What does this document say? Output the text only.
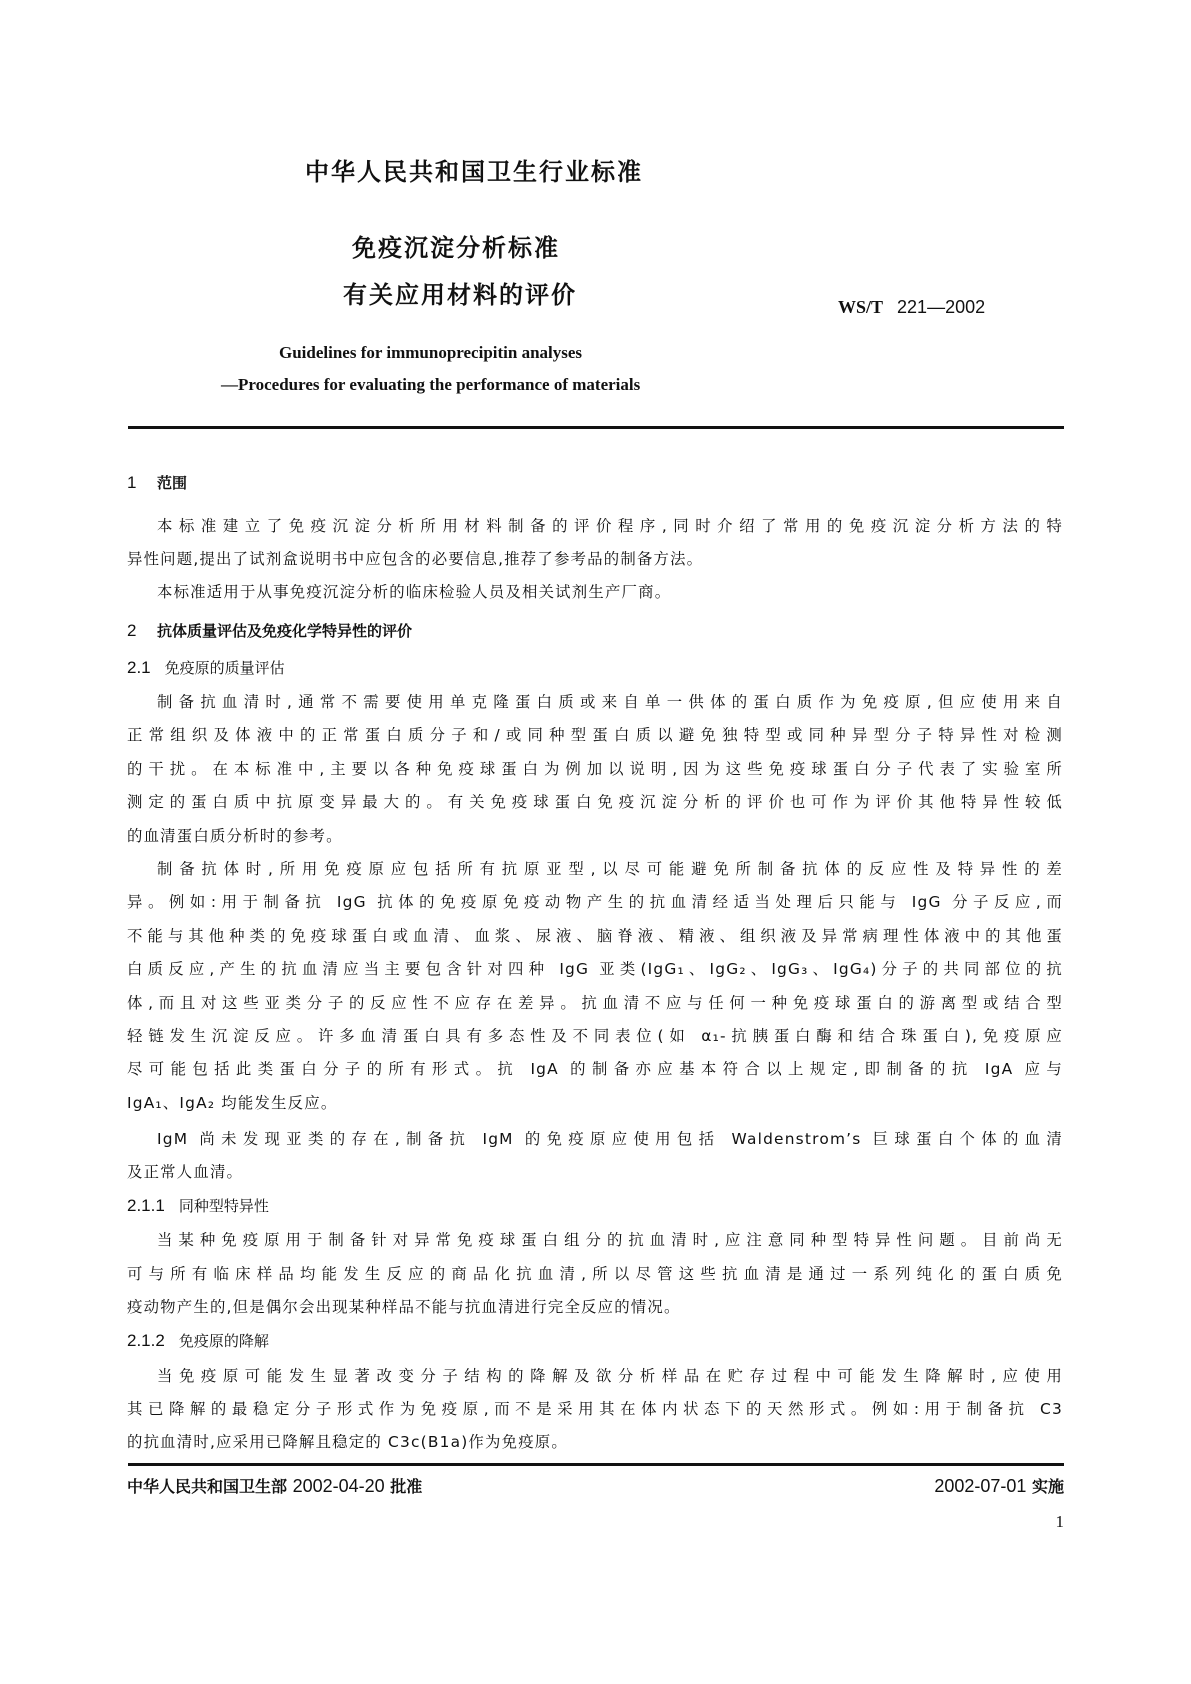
中华人民共和国卫生行业标准
免疫沉淀分析标准
有关应用材料的评价	WS/T 221—2002
Guidelines for immunoprecipitin analyses
—Procedures for evaluating the performance of materials
1 范围
本标准建立了免疫沉淀分析所用材料制备的评价程序,同时介绍了常用的免疫沉淀分析方法的特
异性问题,提出了试剂盒说明书中应包含的必要信息,推荐了参考品的制备方法。
本标准适用于从事免疫沉淀分析的临床检验人员及相关试剂生产厂商。
2 抗体质量评估及免疫化学特异性的评价
2.1 免疫原的质量评估
制备抗血清时,通常不需要使用单克隆蛋白质或来自单一供体的蛋白质作为免疫原,但应使用来自
正常组织及体液中的正常蛋白质分子和/或同种型蛋白质以避免独特型或同种异型分子特异性对检测
的干扰。在本标准中,主要以各种免疫球蛋白为例加以说明,因为这些免疫球蛋白分子代表了实验室所
测定的蛋白质中抗原变异最大的。有关免疫球蛋白免疫沉淀分析的评价也可作为评价其他特异性较低
的血清蛋白质分析时的参考。
制备抗体时,所用免疫原应包括所有抗原亚型,以尽可能避免所制备抗体的反应性及特异性的差
异。例如:用于制备抗 IgG 抗体的免疫原免疫动物产生的抗血清经适当处理后只能与 IgG 分子反应,而
不能与其他种类的免疫球蛋白或血清、血浆、尿液、脑脊液、精液、组织液及异常病理性体液中的其他蛋
白质反应,产生的抗血清应当主要包含针对四种 IgG 亚类(IgG₁、IgG₂、IgG₃、IgG₄)分子的共同部位的抗
体,而且对这些亚类分子的反应性不应存在差异。抗血清不应与任何一种免疫球蛋白的游离型或结合型
轻链发生沉淀反应。许多血清蛋白具有多态性及不同表位(如 α₁-抗胰蛋白酶和结合珠蛋白),免疫原应
尽可能包括此类蛋白分子的所有形式。抗 IgA 的制备亦应基本符合以上规定,即制备的抗 IgA 应与
IgA₁、IgA₂ 均能发生反应。
IgM 尚未发现亚类的存在,制备抗 IgM 的免疫原应使用包括 Waldenstrom’s 巨球蛋白个体的血清
及正常人血清。
2.1.1 同种型特异性
当某种免疫原用于制备针对异常免疫球蛋白组分的抗血清时,应注意同种型特异性问题。目前尚无
可与所有临床样品均能发生反应的商品化抗血清,所以尽管这些抗血清是通过一系列纯化的蛋白质免
疫动物产生的,但是偶尔会出现某种样品不能与抗血清进行完全反应的情况。
2.1.2 免疫原的降解
当免疫原可能发生显著改变分子结构的降解及欲分析样品在贮存过程中可能发生降解时,应使用
其已降解的最稳定分子形式作为免疫原,而不是采用其在体内状态下的天然形式。例如:用于制备抗 C3
的抗血清时,应采用已降解且稳定的 C3c(B1a)作为免疫原。
中华人民共和国卫生部 2002-04-20 批准	2002-07-01 实施
1
